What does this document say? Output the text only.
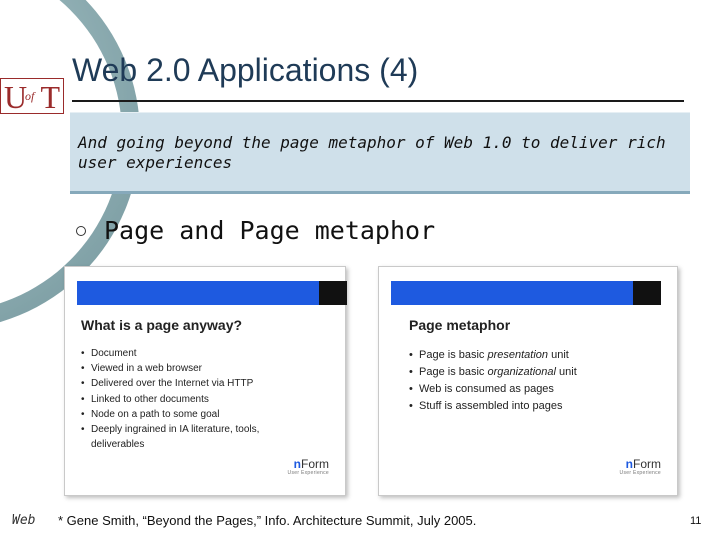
U
of T
Web 2.0 Applications (4)
And going beyond the page metaphor of Web 1.0 to deliver rich user experiences
Page and Page metaphor
What is a page anyway?
• Document
• Viewed in a web browser
• Delivered over the Internet via HTTP
• Linked to other documents
• Node on a path to some goal
• Deeply ingrained in IA literature, tools, deliverables
nForm
User Experience
Page metaphor
• Page is basic presentation unit
• Page is basic organizational unit
• Web is consumed as pages
• Stuff is assembled into pages
nForm
User Experience
Web * Gene Smith, “Beyond the Pages,” Info. Architecture Summit, July 2005.	11
